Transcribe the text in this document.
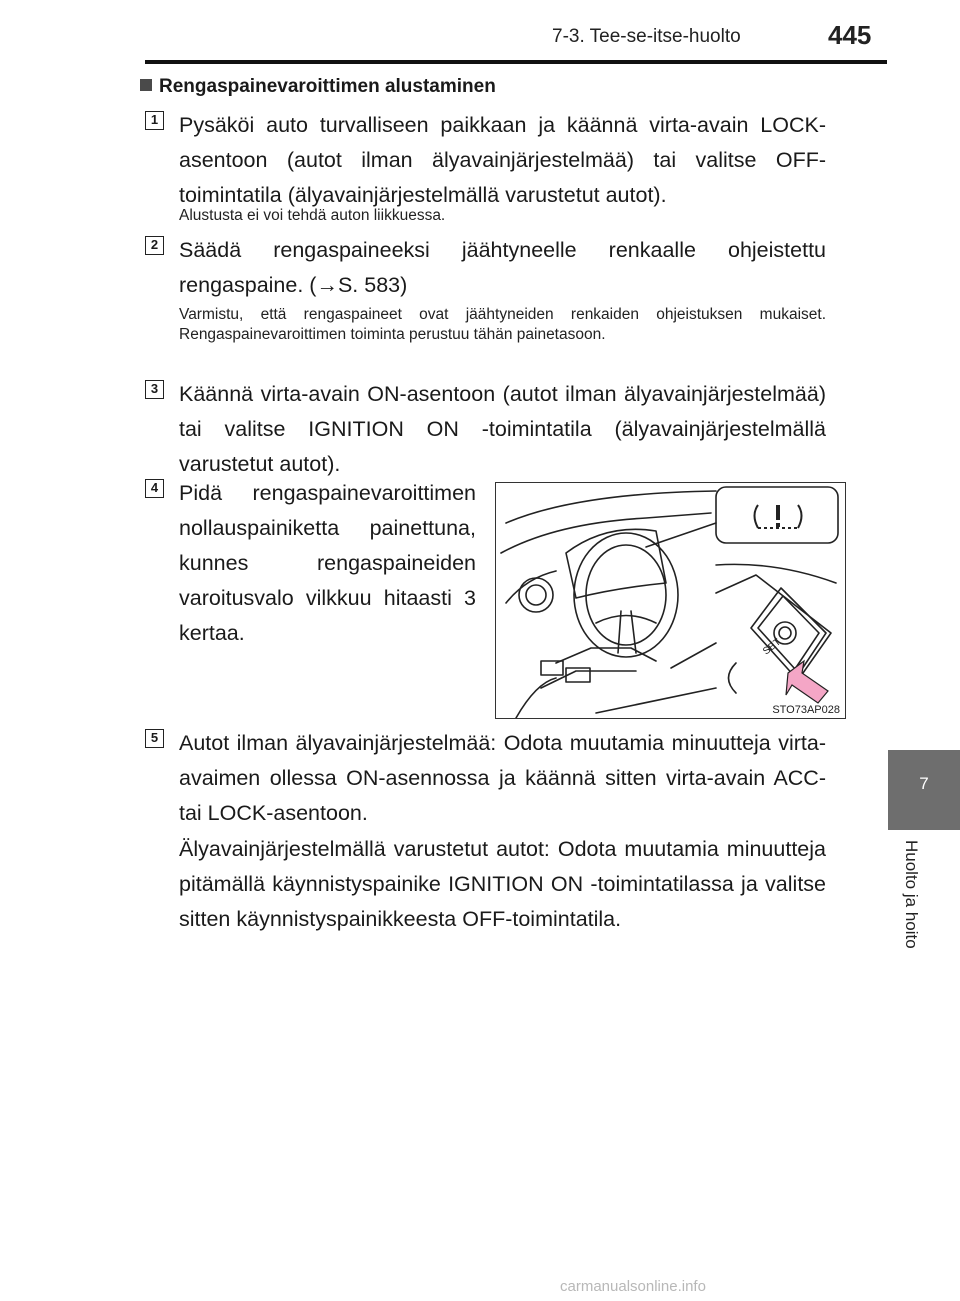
7-3. Tee-se-itse-huolto	445
7
Huolto ja hoito
Rengaspainevaroittimen alustaminen
1 Pysäköi auto turvalliseen paikkaan ja käännä virta-avain LOCK-asentoon (autot ilman älyavainjärjestelmää) tai valitse OFF-toimintatila (älyavainjärjestelmällä varustetut autot).
Alustusta ei voi tehdä auton liikkuessa.
2 Säädä rengaspaineeksi jäähtyneelle renkaalle ohjeistettu rengaspaine. (→S. 583)
Varmistu, että rengaspaineet ovat jäähtyneiden renkaiden ohjeistuksen mukaiset. Rengaspainevaroittimen toiminta perustuu tähän painetasoon.
3 Käännä virta-avain ON-asentoon (autot ilman älyavainjärjestelmää) tai valitse IGNITION ON -toimintatila (älyavainjärjestelmällä varustetut autot).
4 Pidä rengaspainevaroittimen nollauspainiketta painettuna, kunnes rengaspaineiden varoitusvalo vilkkuu hitaasti 3 kertaa.
SET
STO73AP028
5 Autot ilman älyavainjärjestelmää: Odota muutamia minuutteja virta-avaimen ollessa ON-asennossa ja käännä sitten virta-avain ACC- tai LOCK-asentoon.
Älyavainjärjestelmällä varustetut autot: Odota muutamia minuutteja pitämällä käynnistyspainike IGNITION ON -toimintatilassa ja valitse sitten käynnistyspainikkeesta OFF-toimintatila.
carmanualsonline.info
